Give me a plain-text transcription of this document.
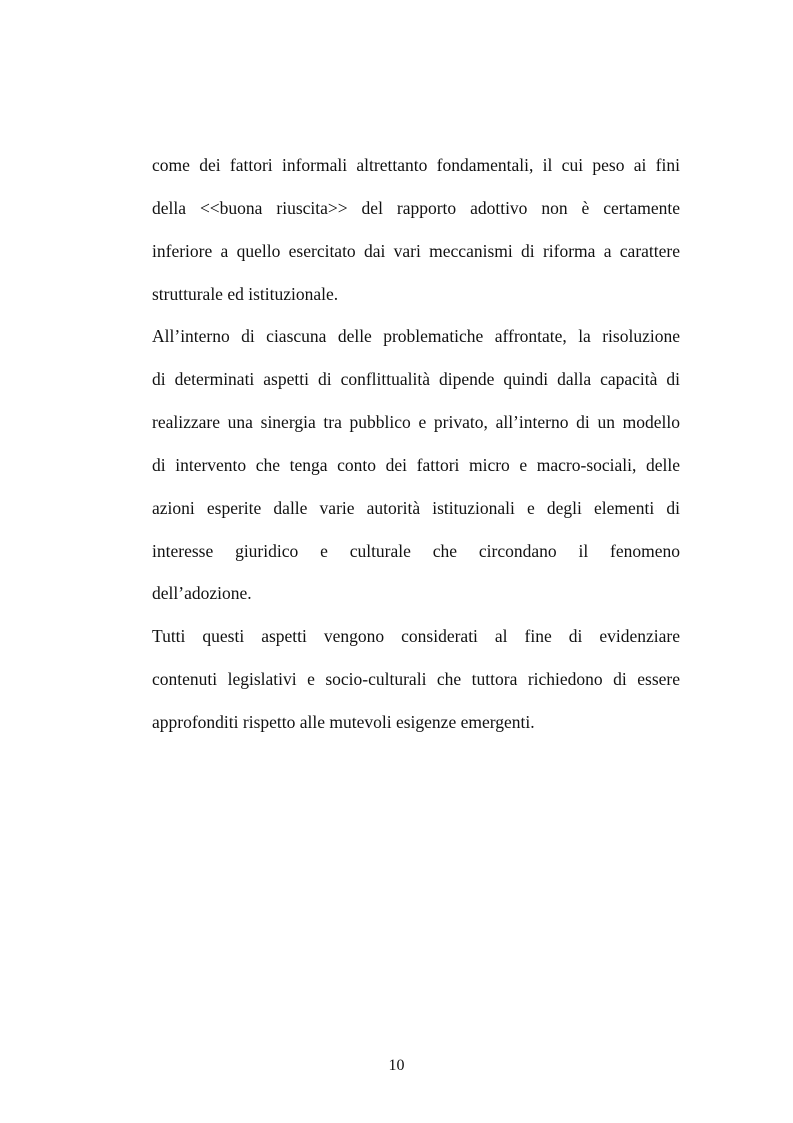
come dei fattori informali altrettanto fondamentali, il cui peso ai fini
della <<buona riuscita>> del rapporto adottivo non è certamente
inferiore a quello esercitato dai vari meccanismi di riforma a carattere
strutturale ed istituzionale.
All’interno di ciascuna delle problematiche affrontate, la risoluzione
di determinati aspetti di conflittualità dipende quindi dalla capacità di
realizzare una sinergia tra pubblico e privato, all’interno di un modello
di intervento che tenga conto dei fattori micro e macro-sociali, delle
azioni esperite dalle varie autorità istituzionali e degli elementi di
interesse giuridico e culturale che circondano il fenomeno
dell’adozione.
Tutti questi aspetti vengono considerati al fine di evidenziare
contenuti legislativi e socio-culturali che tuttora richiedono di essere
approfonditi rispetto alle mutevoli esigenze emergenti.
10
